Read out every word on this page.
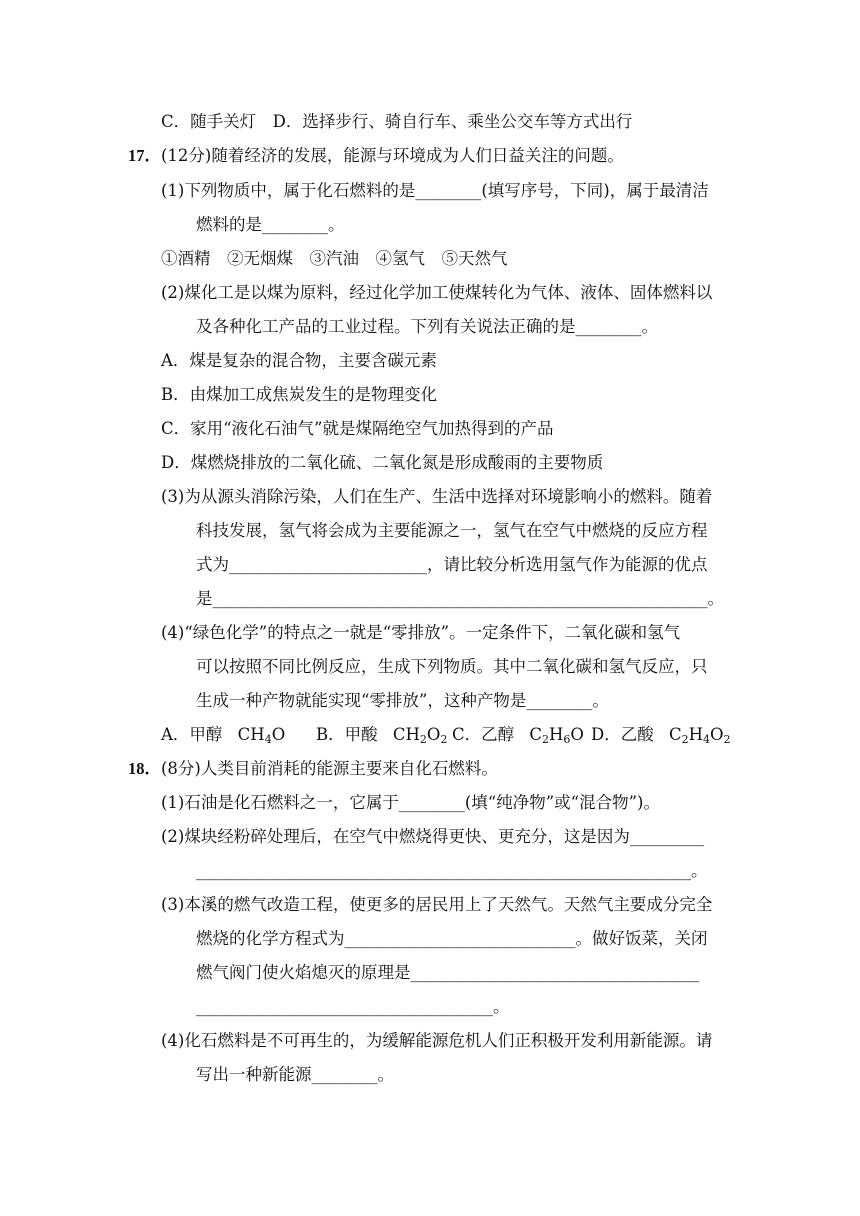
C．随手关灯　D．选择步行、骑自行车、乘坐公交车等方式出行
17．(12分)随着经济的发展，能源与环境成为人们日益关注的问题。
(1)下列物质中，属于化石燃料的是________(填写序号，下同)，属于最清洁
燃料的是________。
①酒精　②无烟煤　③汽油　④氢气　⑤天然气
(2)煤化工是以煤为原料，经过化学加工使煤转化为气体、液体、固体燃料以
及各种化工产品的工业过程。下列有关说法正确的是________。
A．煤是复杂的混合物，主要含碳元素
B．由煤加工成焦炭发生的是物理变化
C．家用“液化石油气”就是煤隔绝空气加热得到的产品
D．煤燃烧排放的二氧化硫、二氧化氮是形成酸雨的主要物质
(3)为从源头消除污染，人们在生产、生活中选择对环境影响小的燃料。随着
科技发展，氢气将会成为主要能源之一，氢气在空气中燃烧的反应方程
式为________________________，请比较分析选用氢气作为能源的优点
是____________________________________________________________。
(4)“绿色化学”的特点之一就是“零排放”。一定条件下，二氧化碳和氢气
可以按照不同比例反应，生成下列物质。其中二氧化碳和氢气反应，只
生成一种产物就能实现“零排放”，这种产物是________。
A．甲醇 $CH_4O$ B．甲酸 $CH_2O_2$ C．乙醇 $C_2H_6O$ D．乙酸 $C_2H_4O_2$
18．(8分)人类目前消耗的能源主要来自化石燃料。
(1)石油是化石燃料之一，它属于________(填“纯净物”或“混合物”)。
(2)煤块经粉碎处理后，在空气中燃烧得更快、更充分，这是因为_________
____________________________________________________________。
(3)本溪的燃气改造工程，使更多的居民用上了天然气。天然气主要成分完全
燃烧的化学方程式为____________________________。做好饭菜，关闭
燃气阀门使火焰熄灭的原理是___________________________________
____________________________________。
(4)化石燃料是不可再生的，为缓解能源危机人们正积极开发利用新能源。请
写出一种新能源________。
